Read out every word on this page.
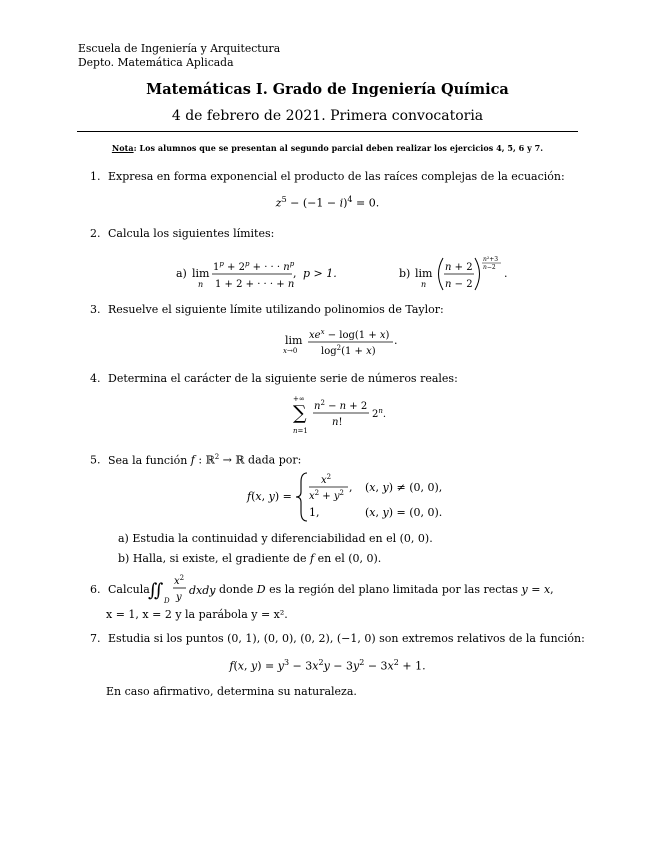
Escuela de Ingeniería y Arquitectura
Depto. Matemática Aplicada
Matemáticas I. Grado de Ingeniería Química
4 de febrero de 2021. Primera convocatoria
Nota: Los alumnos que se presentan al segundo parcial deben realizar los ejercicios 4, 5, 6 y 7.
1. Expresa en forma exponencial el producto de las raíces complejas de la ecuación:
$z^5 - (-1 - i)^4 = 0$.
2. Calcula los siguientes límites:
a) lim
n
$1^p + 2^p$ + · · · $n^p$
1 + 2 + · · · + n
, p > 1.	b) lim
n
n + 2
n − 2
n²+3
n−2 .
3. Resuelve el siguiente límite utilizando polinomios de Taylor:
lim
x→0
$xe^x - \log(1 + x)$
$\log^2(1 + x)$
.
4. Determina el carácter de la siguiente serie de números reales:
+∞
∑
n=1
$n^2 - n + 2$
n!
2$^n$.
5. Sea la función f : ℝ$^2$ → ℝ dada por:
f(x, y) =
$x^2$
$x^2 + y^2$ , (x, y) ≠ (0, 0),
1,	(x, y) = (0, 0).
a) Estudia la continuidad y diferenciabilidad en el (0, 0).
b) Halla, si existe, el gradiente de f en el (0, 0).
6. Calcula
∬ D
$x^2$
y
dxdy
, donde D es la región del plano limitada por las rectas y = x,
x = 1, x = 2 y la parábola y = x².
7. Estudia si los puntos (0, 1), (0, 0), (0, 2), (−1, 0) son extremos relativos de la función:
f(x, $y) = y^3 - 3x^2y - 3y^2 - 3x^2 + 1$.
En caso afirmativo, determina su naturaleza.
